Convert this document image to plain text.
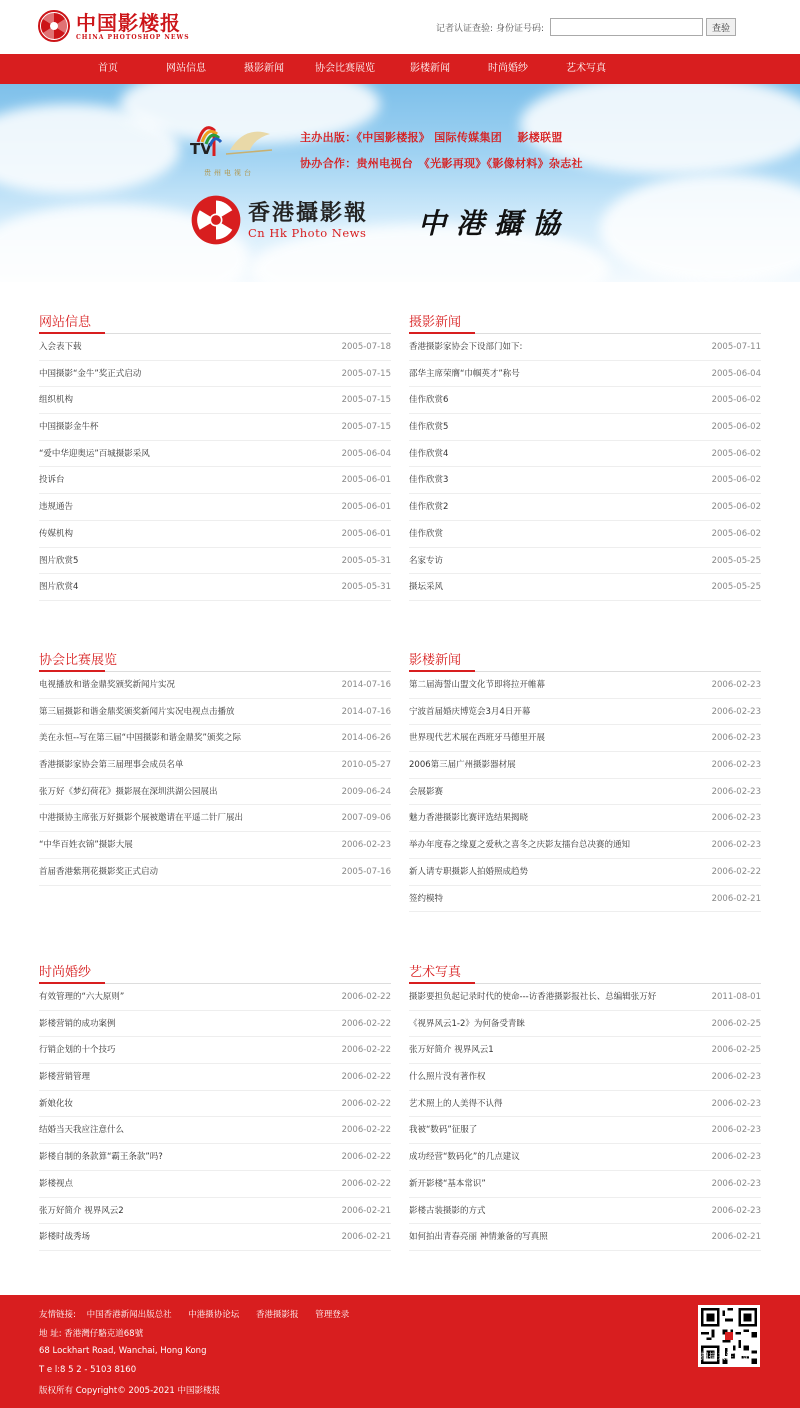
中国影楼报
CHINA PHOTOSHOP NEWS
记者认证查验: 身份证号码:	查验
首页	网站信息	摄影新闻	协会比赛展览	影楼新闻	时尚婚纱	艺术写真
TV
贵州电视台
主办出版：《中国影楼报》 国际传媒集团　 影楼联盟
协办合作：贵州电视台　《光影再现》《影像材料》杂志社
香港攝影報
Cn Hk Photo News 中港攝協
网站信息
入会表下载	2005-07-18
中国摄影“金牛”奖正式启动	2005-07-15
组织机构	2005-07-15
中国摄影金牛杯	2005-07-15
“爱中华迎奥运”百城摄影采风	2005-06-04
投诉台	2005-06-01
违规通告	2005-06-01
传媒机构	2005-06-01
图片欣赏5	2005-05-31
图片欣赏4	2005-05-31
摄影新闻
香港摄影家协会下设部门如下:	2005-07-11
邵华主席荣膺“巾帼英才”称号	2005-06-04
佳作欣赏6	2005-06-02
佳作欣赏5	2005-06-02
佳作欣赏4	2005-06-02
佳作欣赏3	2005-06-02
佳作欣赏2	2005-06-02
佳作欣赏	2005-06-02
名家专访	2005-05-25
摄坛采风	2005-05-25
协会比赛展览
电视播放和谐金鼎奖颁奖新闻片实况	2014-07-16
第三届摄影和谐金鼎奖颁奖新闻片实况电视点击播放	2014-07-16
美在永恒--写在第三届“中国摄影和谐金鼎奖”颁奖之际	2014-06-26
香港摄影家协会第三届理事会成员名单	2010-05-27
张万好《梦幻荷花》摄影展在深圳洪湖公园展出	2009-06-24
中港摄协主席张万好摄影个展被邀请在平遥二针厂展出	2007-09-06
“中华百姓衣锦”摄影大展	2006-02-23
首届香港紫荆花摄影奖正式启动	2005-07-16
影楼新闻
第二届海誓山盟文化节即将拉开帷幕	2006-02-23
宁波首届婚庆博览会3月4日开幕	2006-02-23
世界现代艺术展在西班牙马德里开展	2006-02-23
2006第三届广州摄影器材展	2006-02-23
会展影赛	2006-02-23
魅力香港摄影比赛评选结果揭晓	2006-02-23
举办年度春之缘夏之爱秋之喜冬之庆影友擂台总决赛的通知	2006-02-23
新人请专职摄影人拍婚照成趋势	2006-02-22
签约模特	2006-02-21
时尚婚纱
有效管理的“六大原则”	2006-02-22
影楼营销的成功案例	2006-02-22
行销企划的十个技巧	2006-02-22
影楼营销管理	2006-02-22
新娘化妆	2006-02-22
结婚当天我应注意什么	2006-02-22
影楼自制的条款算“霸王条款”吗?	2006-02-22
影楼视点	2006-02-22
张万好简介 视界风云2	2006-02-21
影楼时战秀场	2006-02-21
艺术写真
摄影要担负起记录时代的使命---访香港摄影报社长、总编辑张万好	2011-08-01
《视界风云1-2》为何备受青睐	2006-02-25
张万好简介 视界风云1	2006-02-25
什么照片没有著作权	2006-02-23
艺术照上的人美得不认得	2006-02-23
我被“数码”征服了	2006-02-23
成功经营“数码化”的几点建议	2006-02-23
新开影楼“基本常识”	2006-02-23
影楼古装摄影的方式	2006-02-23
如何拍出青春亮丽 神情兼备的写真照	2006-02-21
友情链接: 中国香港新闻出版总社 中港摄协论坛 香港摄影报 管理登录
地 址: 香港灣仔駱克道68號
68 Lockhart Road, Wanchai, Hong Kong
T e l:8 5 2 - 5103 8160
版权所有 Copyright© 2005-2021 中国影楼报
扫描关注网站
